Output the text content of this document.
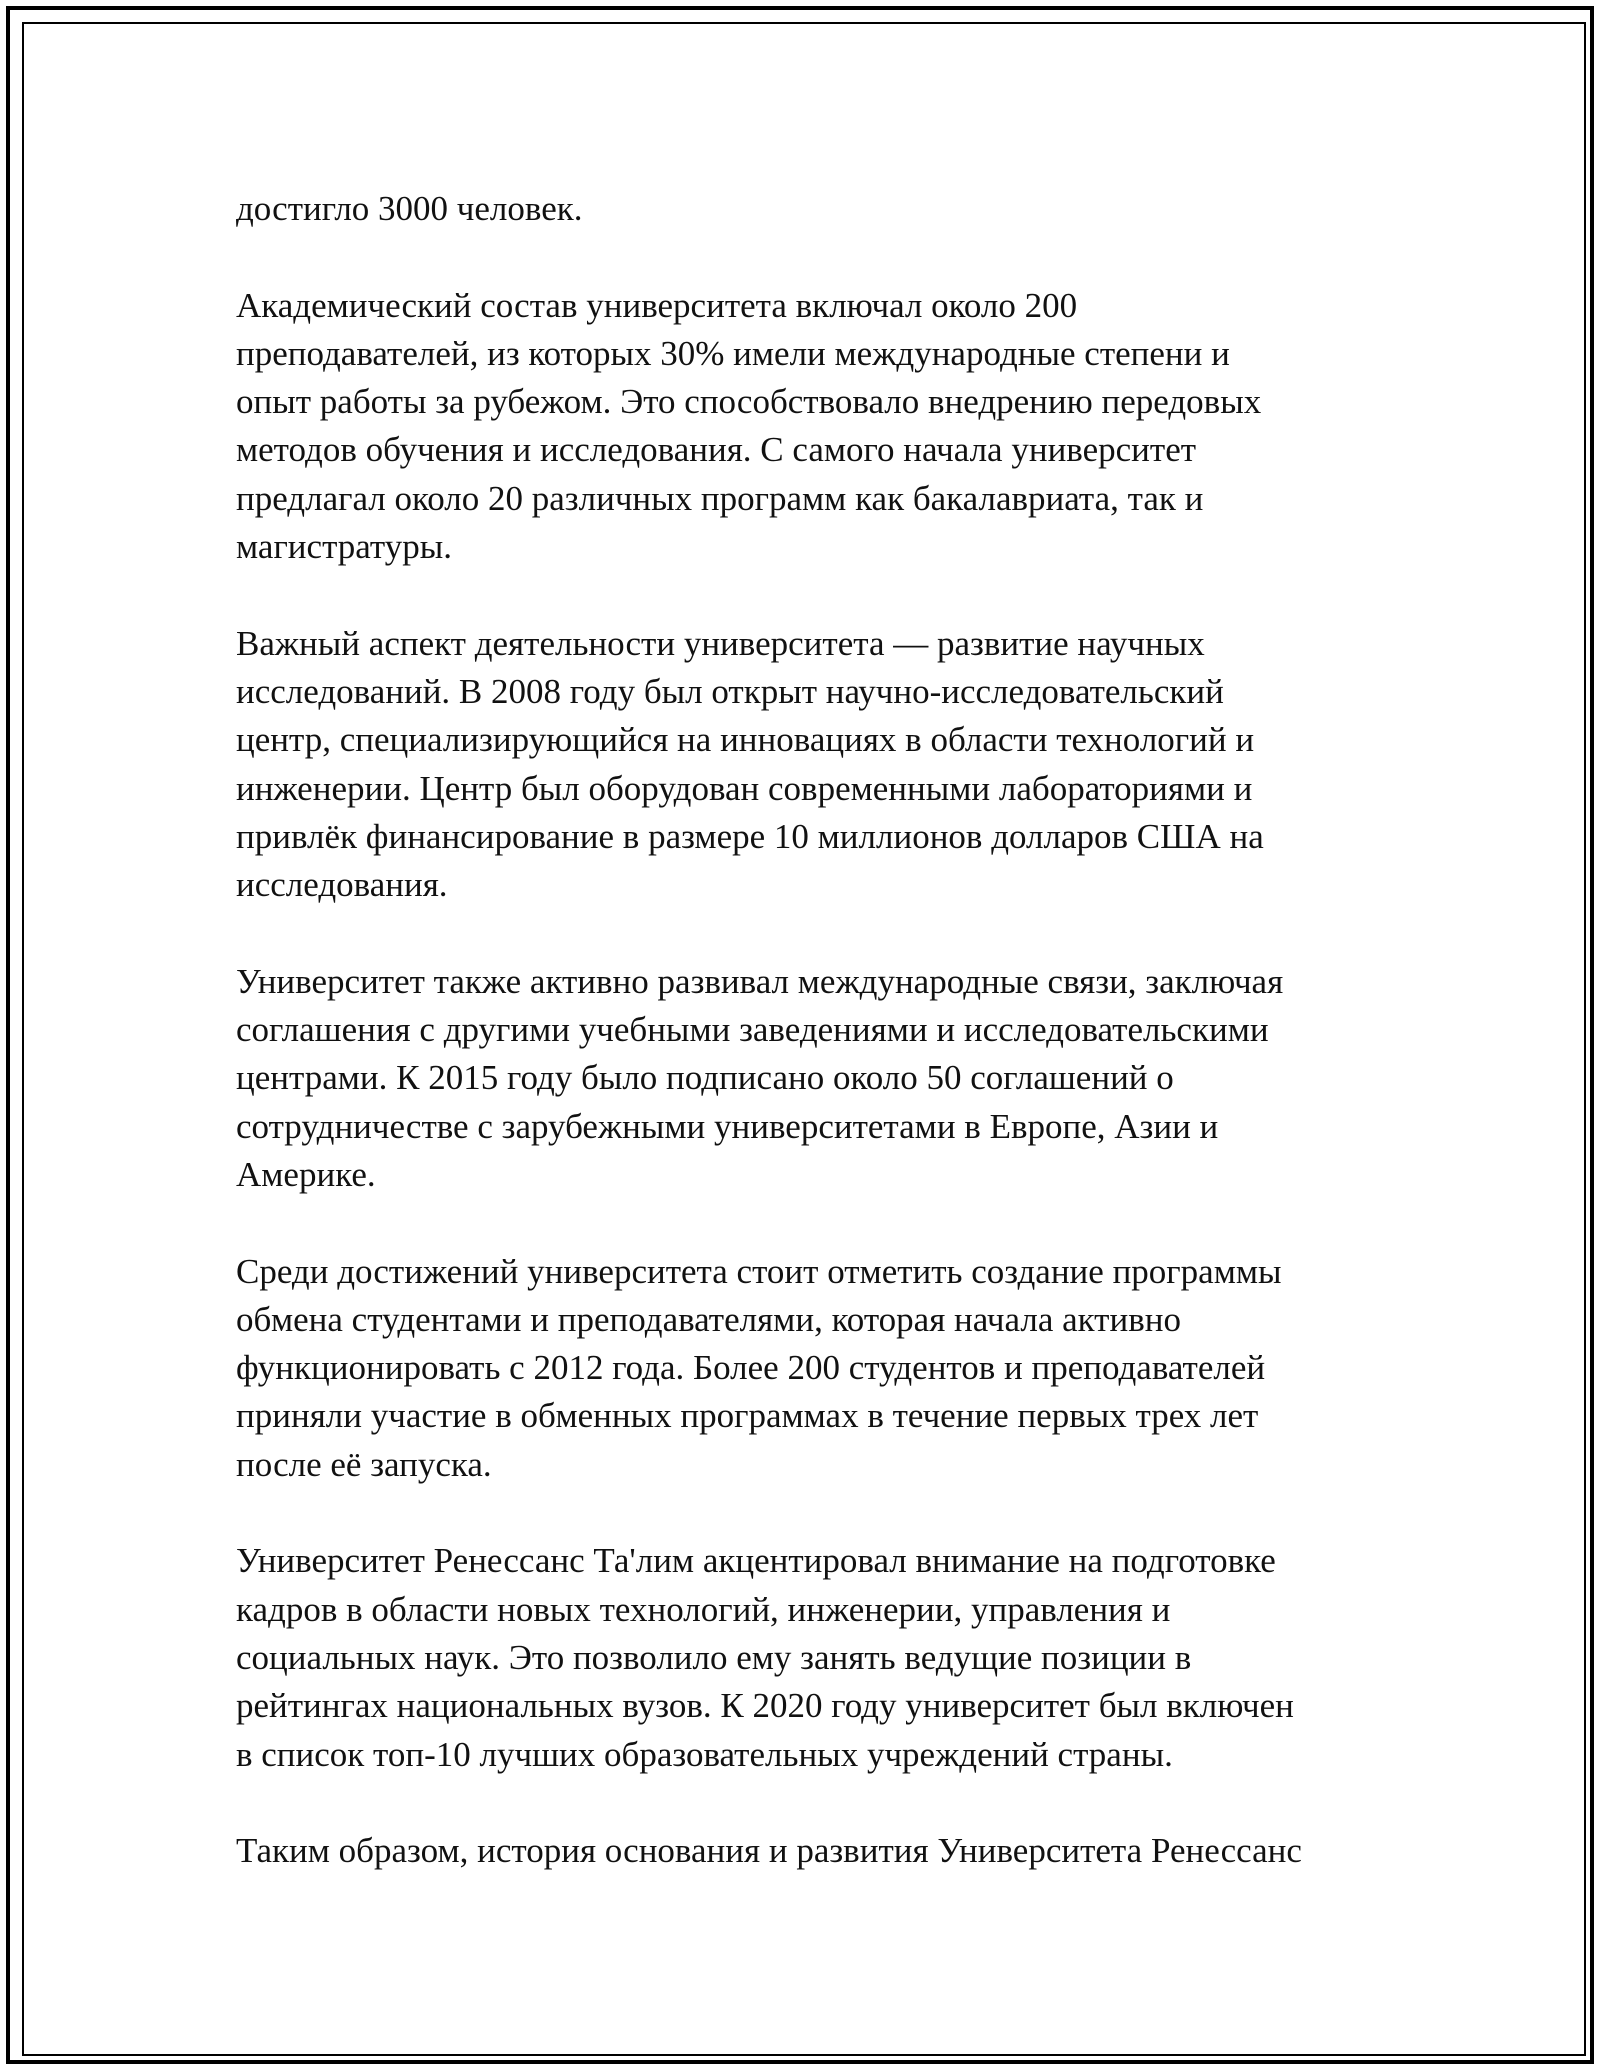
достигло 3000 человек.

Академический состав университета включал около 200
преподавателей, из которых 30% имели международные степени и
опыт работы за рубежом. Это способствовало внедрению передовых
методов обучения и исследования. С самого начала университет
предлагал около 20 различных программ как бакалавриата, так и
магистратуры.

Важный аспект деятельности университета — развитие научных
исследований. В 2008 году был открыт научно-исследовательский
центр, специализирующийся на инновациях в области технологий и
инженерии. Центр был оборудован современными лабораториями и
привлёк финансирование в размере 10 миллионов долларов США на
исследования.

Университет также активно развивал международные связи, заключая
соглашения с другими учебными заведениями и исследовательскими
центрами. К 2015 году было подписано около 50 соглашений о
сотрудничестве с зарубежными университетами в Европе, Азии и
Америке.

Среди достижений университета стоит отметить создание программы
обмена студентами и преподавателями, которая начала активно
функционировать с 2012 года. Более 200 студентов и преподавателей
приняли участие в обменных программах в течение первых трех лет
после её запуска.

Университет Ренессанс Та'лим акцентировал внимание на подготовке
кадров в области новых технологий, инженерии, управления и
социальных наук. Это позволило ему занять ведущие позиции в
рейтингах национальных вузов. К 2020 году университет был включен
в список топ-10 лучших образовательных учреждений страны.

Таким образом, история основания и развития Университета Ренессанс
